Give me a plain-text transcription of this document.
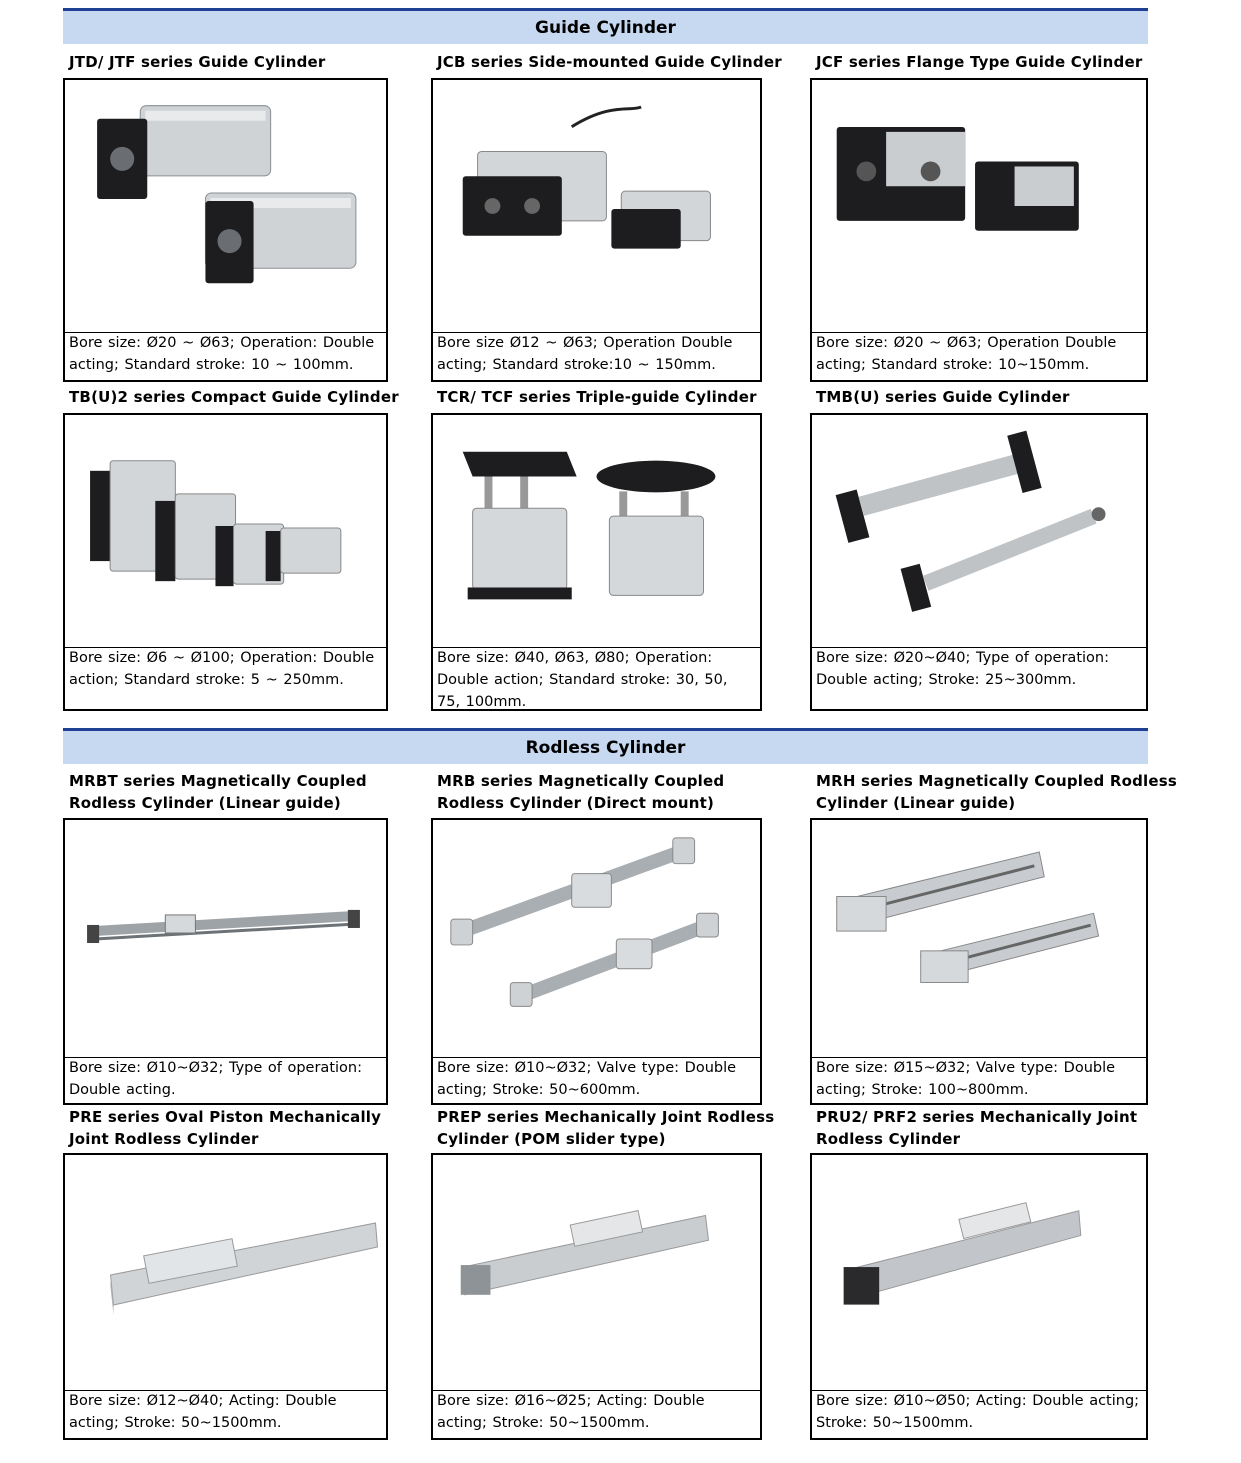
Guide Cylinder
JTD/ JTF series Guide Cylinder	JCB series Side-mounted Guide Cylinder JCF series Flange Type Guide Cylinder
Bore size: Ø20 ~ Ø63; Operation: Double acting; Standard stroke: 10 ~ 100mm.
Bore size Ø12 ~ Ø63; Operation Double acting; Standard stroke:10 ~ 150mm.
Bore size: Ø20 ~ Ø63; Operation Double acting; Standard stroke: 10~150mm.
TB(U)2 series Compact Guide Cylinder	TCR/ TCF series Triple-guide Cylinder	TMB(U) series Guide Cylinder
Bore size: Ø6 ~ Ø100; Operation: Double action; Standard stroke: 5 ~ 250mm.
Bore size: Ø40, Ø63, Ø80; Operation: Double action; Standard stroke: 30, 50, 75, 100mm.
Bore size: Ø20~Ø40; Type of operation: Double acting; Stroke: 25~300mm.
Rodless Cylinder
MRBT series Magnetically Coupled
Rodless Cylinder (Linear guide)
MRB series Magnetically Coupled
Rodless Cylinder (Direct mount)
MRH series Magnetically Coupled Rodless
Cylinder (Linear guide)
Bore size: Ø10~Ø32; Type of operation: Double acting.
Bore size: Ø10~Ø32; Valve type: Double acting; Stroke: 50~600mm.
Bore size: Ø15~Ø32; Valve type: Double acting; Stroke: 100~800mm.
PRE series Oval Piston Mechanically
Joint Rodless Cylinder
PREP series Mechanically Joint Rodless
Cylinder (POM slider type)
PRU2/ PRF2 series Mechanically Joint
Rodless Cylinder
Bore size: Ø12~Ø40; Acting: Double acting; Stroke: 50~1500mm.
Bore size: Ø16~Ø25; Acting: Double acting; Stroke: 50~1500mm.
Bore size: Ø10~Ø50; Acting: Double acting; Stroke: 50~1500mm.
